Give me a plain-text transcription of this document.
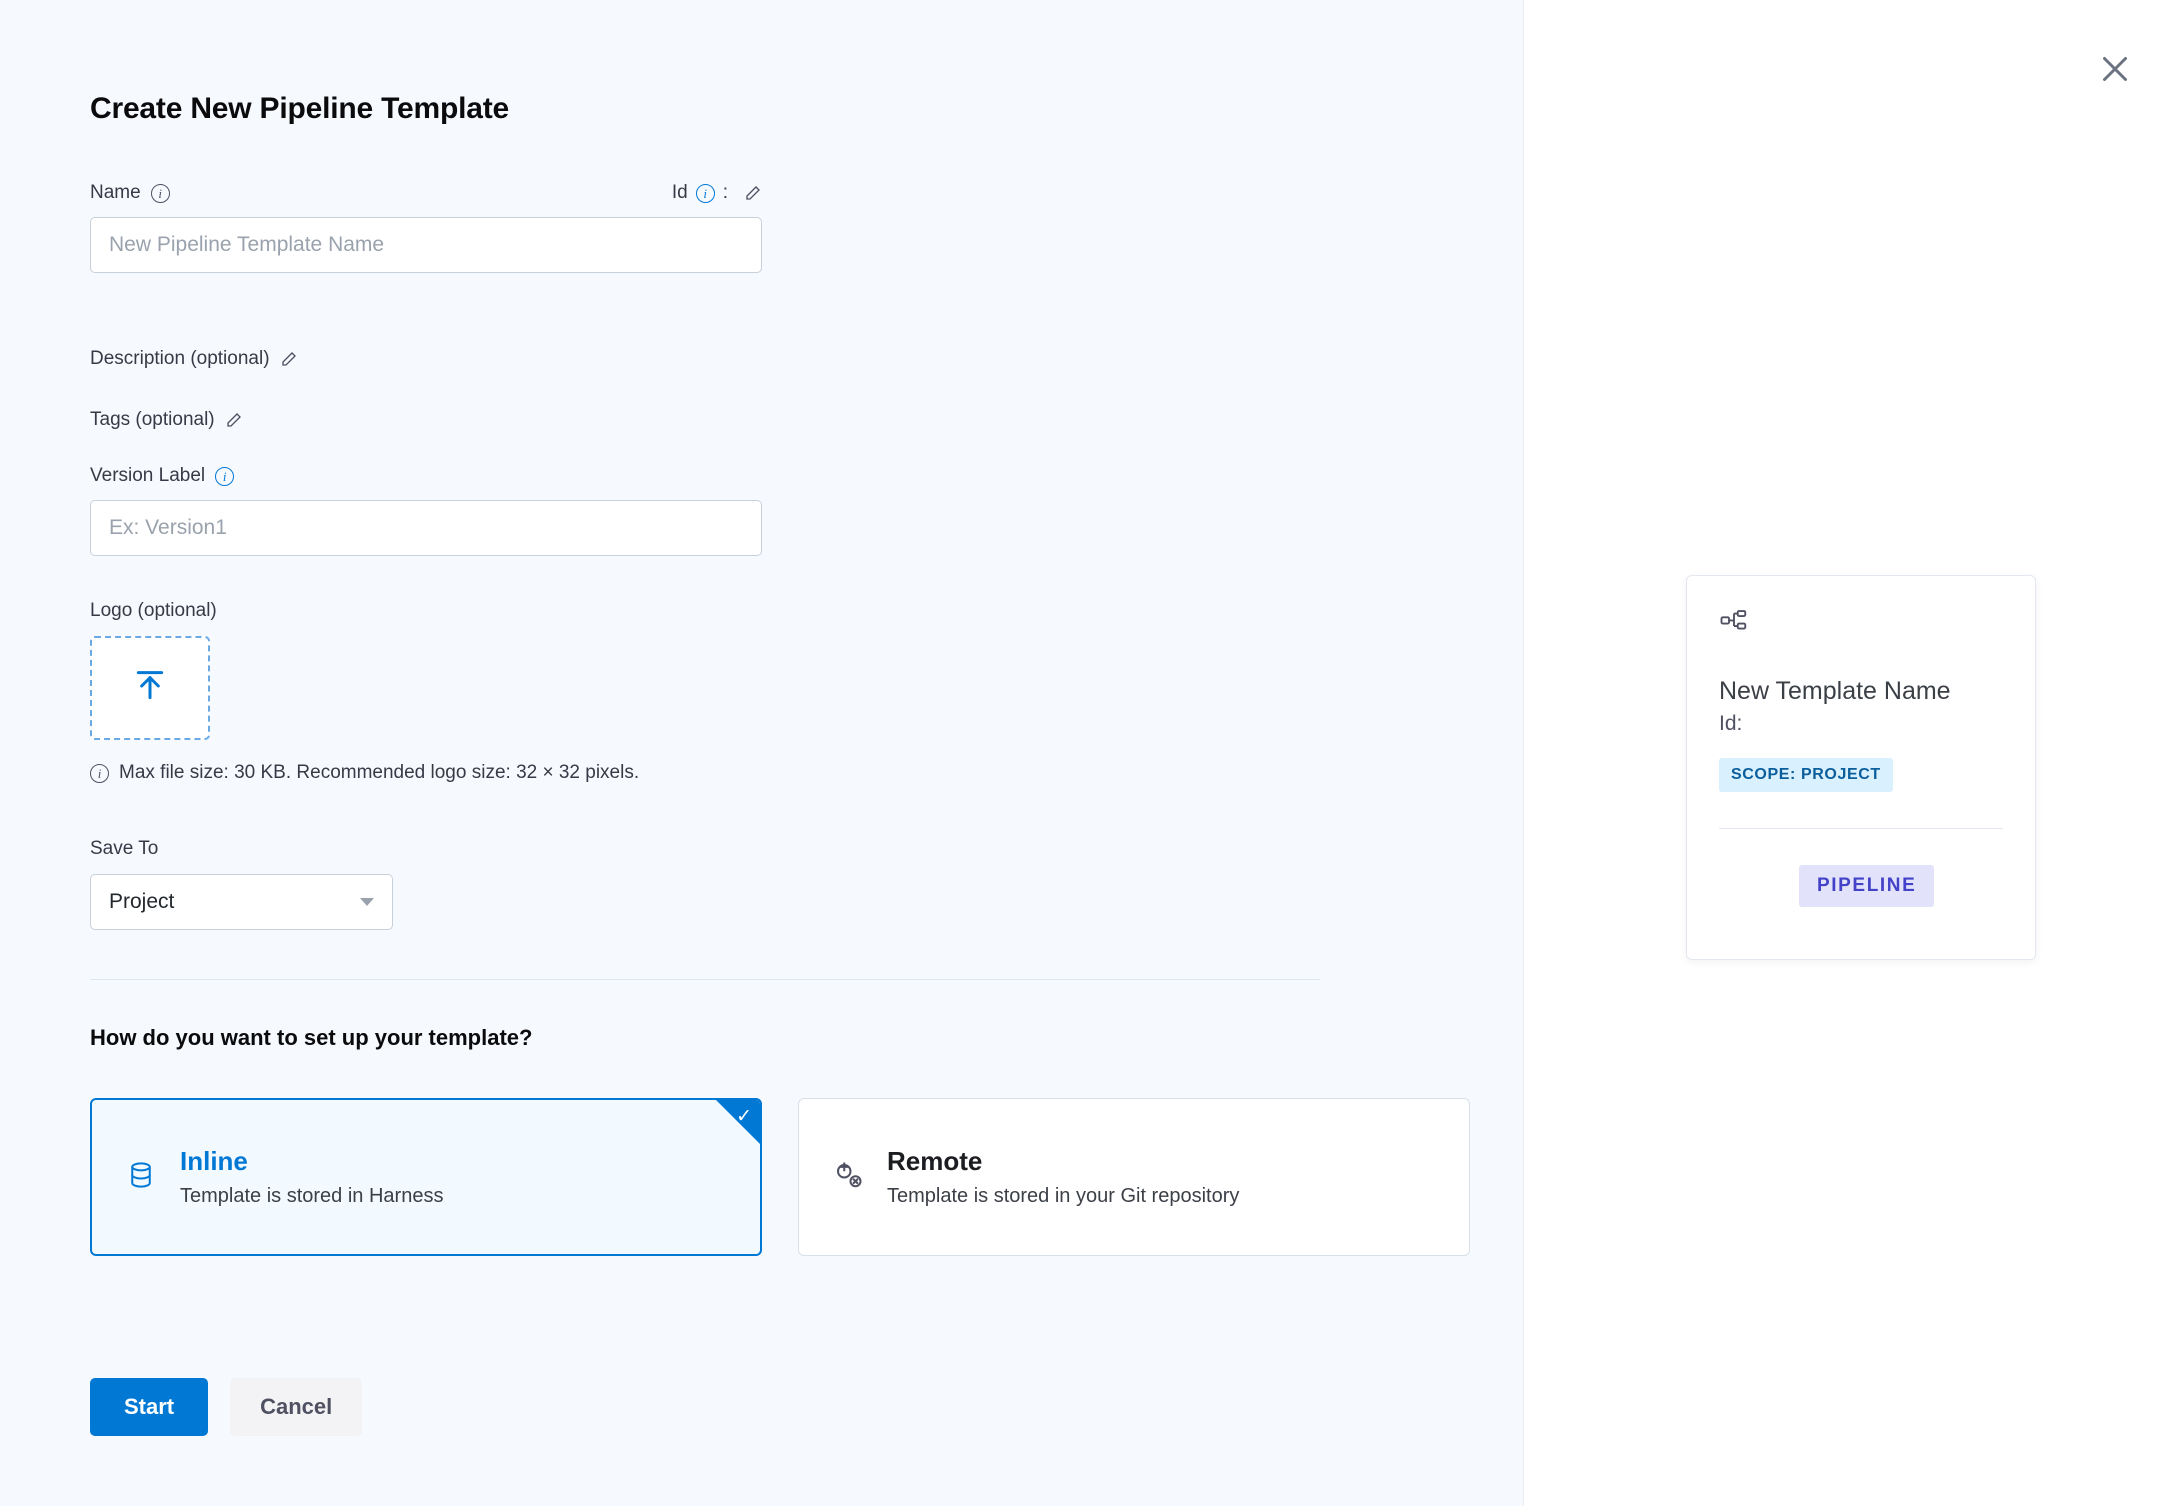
Create New Pipeline Template
Name	i	Id	i :
New Pipeline Template Name
Description (optional)
Tags (optional)
Version Label	i
Ex: Version1
Logo (optional)
i Max file size: 30 KB. Recommended logo size: 32 × 32 pixels.
Save To
Project
How do you want to set up your template?
✓
Inline
Template is stored in Harness
Remote
Template is stored in your Git repository
Start	Cancel
New Template Name
Id:
SCOPE: PROJECT
PIPELINE
